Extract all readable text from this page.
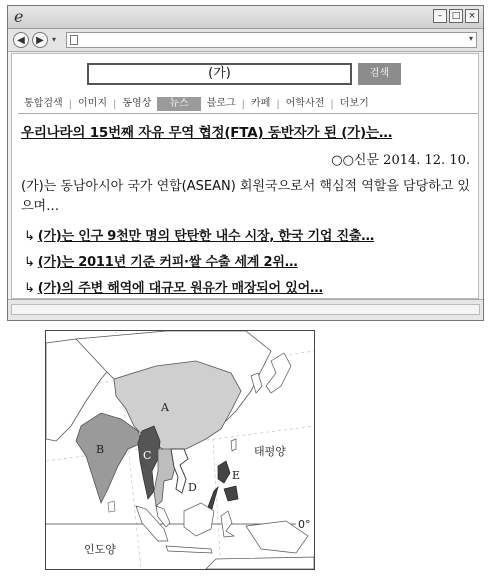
e	–	□ ×
◀	▶	▾	▾
(가)	검색
통합검색 | 이미지 | 동영상	뉴스	블로그 | 카페 | 어학사전 | 더보기
우리나라의 15번째 자유 무역 협정(FTA) 동반자가 된 (가)는…
○○신문 2014. 12. 10.
(가)는 동남아시아 국가 연합(ASEAN) 회원국으로서 핵심적 역할을 담당하고 있으며…
↳ (가)는 인구 9천만 명의 탄탄한 내수 시장, 한국 기업 진출…
↳ (가)는 2011년 기준 커피·쌀 수출 세계 2위…
↳ (가)의 주변 해역에 대규모 원유가 매장되어 있어…
A
B	C
D
E
태평양
인도양
0°
